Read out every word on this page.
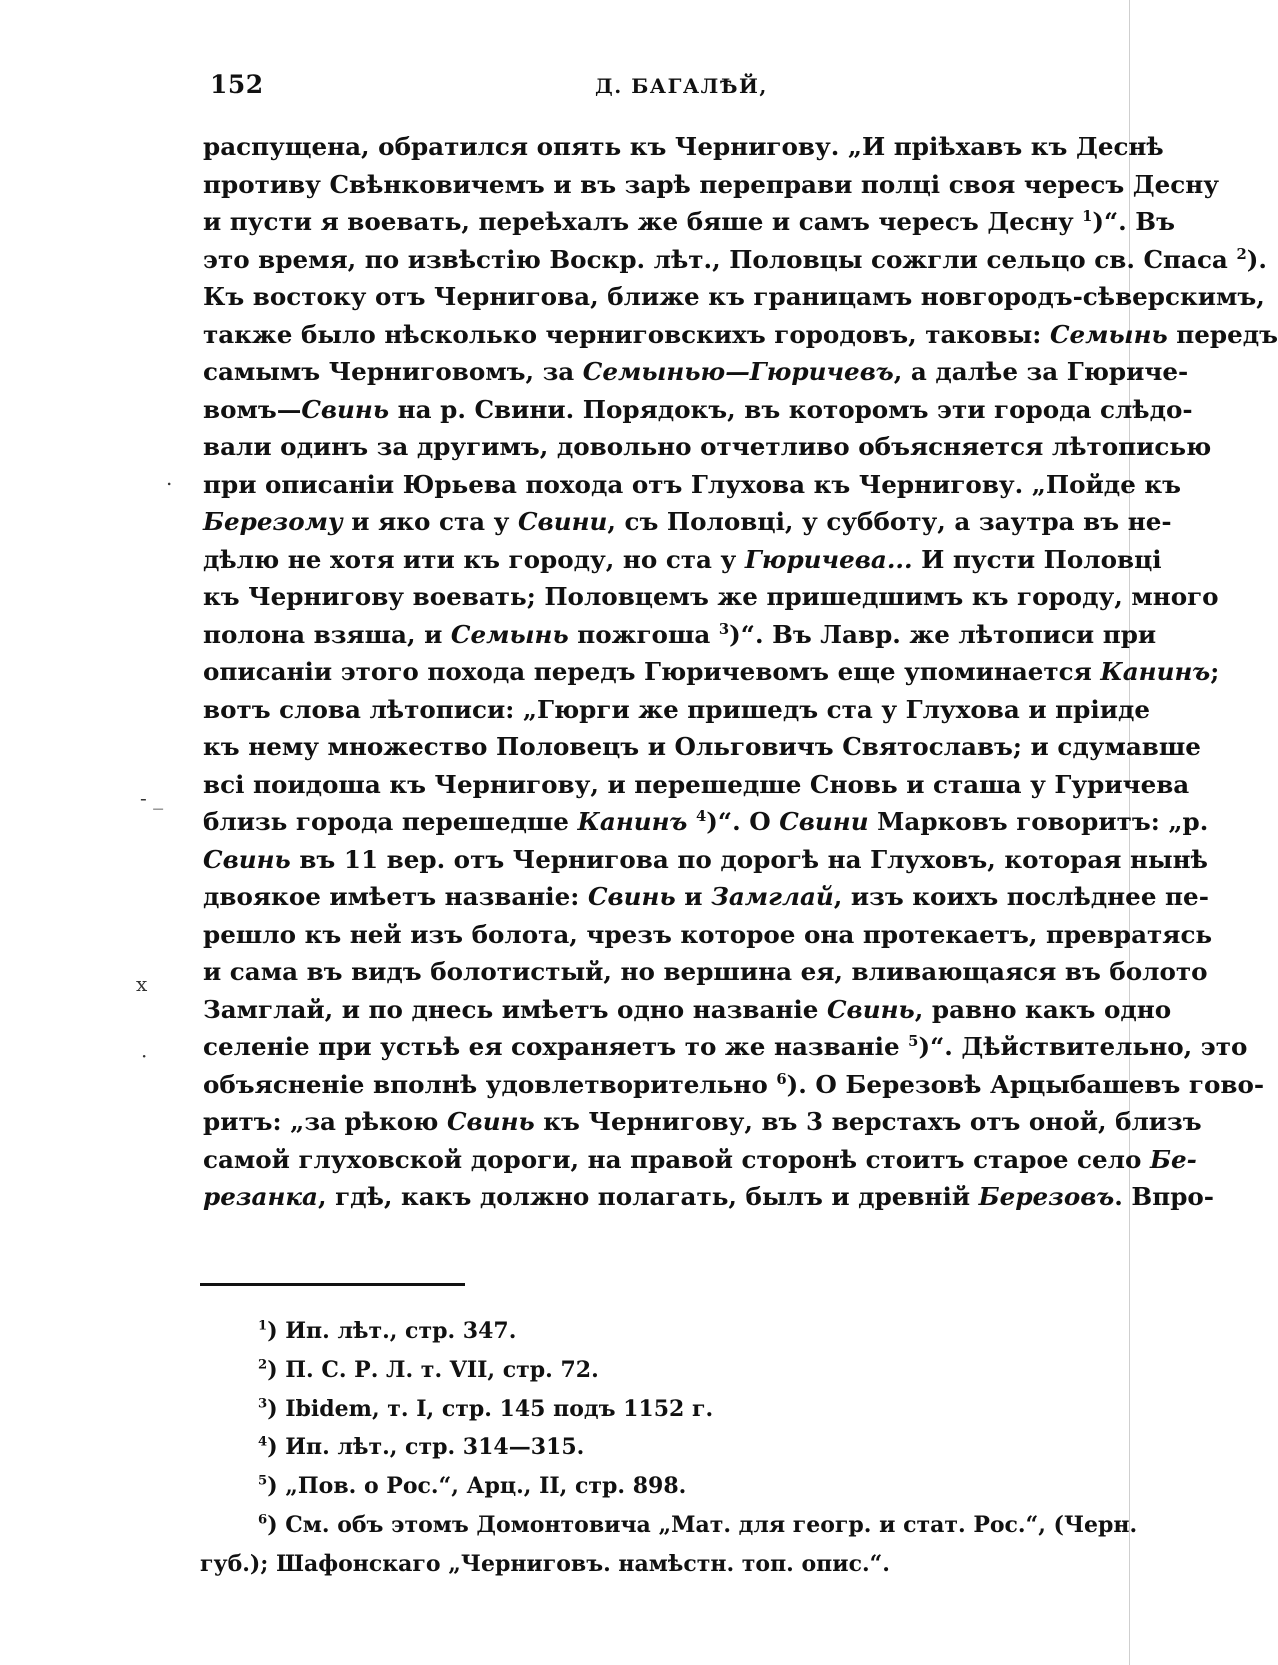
152	Д. БАГАЛѢЙ,
распущена, обратился опять къ Чернигову. „И прiѣхавъ къ Деснѣ
противу Свѣнковичемъ и въ зарѣ переправи полцi своя чересъ Десну
и пусти я воевать, переѣхалъ же бяше и самъ чересъ Десну $^1$)“. Въ
это время, по извѣстiю Воскр. лѣт., Половцы сожгли сельцо св. Спаса $^2$).
Къ востоку отъ Чернигова, ближе къ границамъ новгородъ-сѣверскимъ,
также было нѣсколько черниговскихъ городовъ, таковы: Семынь передъ
самымъ Черниговомъ, за Семынью—Гюричевъ, а далѣе за Гюриче-
вомъ—Свинь на р. Свини. Порядокъ, въ которомъ эти города слѣдо-
вали одинъ за другимъ, довольно отчетливо объясняется лѣтописью
при описанiи Юрьева похода отъ Глухова къ Чернигову. „Пойде къ
Березому и яко ста у Свини, съ Половцi, у субботу, а заутра въ не-
дѣлю не хотя ити къ городу, но ста у Гюричева... И пусти Половцi
къ Чернигову воевать; Половцемъ же пришедшимъ къ городу, много
полона взяша, и Семынь пожгоша $^3$)“. Въ Лавр. же лѣтописи при
описанiи этого похода передъ Гюричевомъ еще упоминается Канинъ;
вотъ слова лѣтописи: „Гюрги же пришедъ ста у Глухова и прiиде
къ нему множество Половецъ и Ольговичъ Святославъ; и сдумавше
всi поидоша къ Чернигову, и перешедше Сновь и сташа у Гуричева
близь города перешедше Канинъ $^4$)“. О Свини Марковъ говоритъ: „р.
Свинь въ 11 вер. отъ Чернигова по дорогѣ на Глуховъ, которая нынѣ
двоякое имѣетъ названiе: Свинь и Замглай, изъ коихъ послѣднее пе-
решло къ ней изъ болота, чрезъ которое она протекаетъ, превратясь
и сама въ видъ болотистый, но вершина ея, вливающаяся въ болото
Замглай, и по днесь имѣетъ одно названiе Свинь, равно какъ одно
селенiе при устьѣ ея сохраняетъ то же названiе $^5$)“. Дѣйствительно, это
объясненiе вполнѣ удовлетворительно $^6$). О Березовѣ Арцыбашевъ гово-
ритъ: „за рѣкою Свинь къ Чернигову, въ 3 верстахъ отъ оной, близъ
самой глуховской дороги, на правой сторонѣ стоитъ старое село Бе-
резанка, гдѣ, какъ должно полагать, былъ и древнiй Березовъ. Впро-
$^1$) Ип. лѣт., стр. 347.
$^2$) П. С. Р. Л. т. VII, стр. 72.
$^3$) Ibidem, т. I, стр. 145 подъ 1152 г.
$^4$) Ип. лѣт., стр. 314—315.
$^5$) „Пов. о Рос.“, Арц., II, стр. 898.
$^6$) См. объ этомъ Домонтовича „Мат. для геогр. и стат. Рос.“, (Черн.
губ.); Шафонскаго „Черниговъ. намѣстн. топ. опис.“.
.
- _
x
·
